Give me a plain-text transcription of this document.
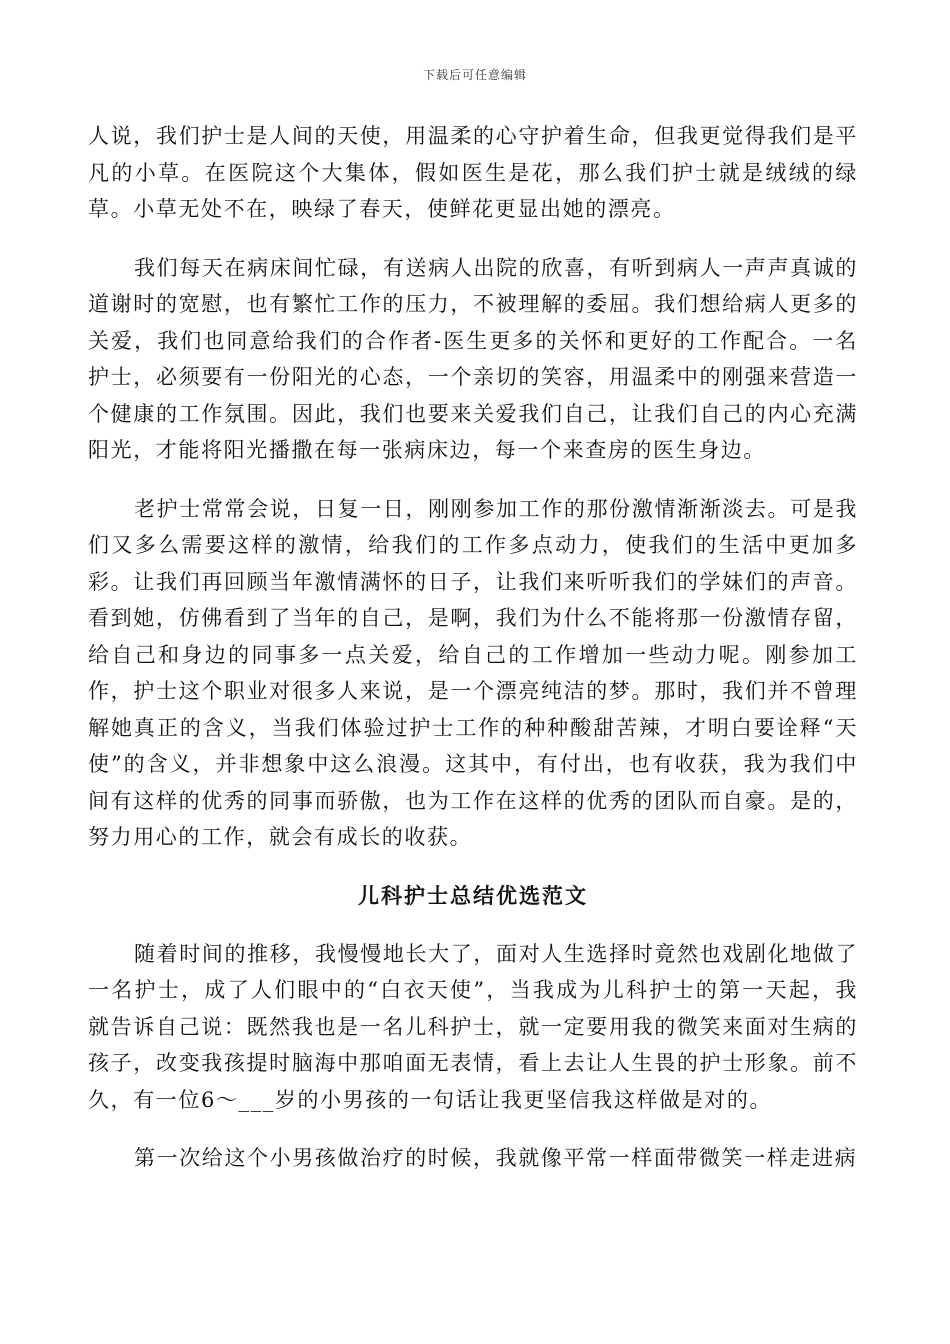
下载后可任意编辑

人说，我们护士是人间的天使，用温柔的心守护着生命，但我更觉得我们是平凡的小草。在医院这个大集体，假如医生是花，那么我们护士就是绒绒的绿草。小草无处不在，映绿了春天，使鲜花更显出她的漂亮。

我们每天在病床间忙碌，有送病人出院的欣喜，有听到病人一声声真诚的道谢时的宽慰，也有繁忙工作的压力，不被理解的委屈。我们想给病人更多的关爱，我们也同意给我们的合作者-医生更多的关怀和更好的工作配合。一名护士，必须要有一份阳光的心态，一个亲切的笑容，用温柔中的刚强来营造一个健康的工作氛围。因此，我们也要来关爱我们自己，让我们自己的内心充满阳光，才能将阳光播撒在每一张病床边，每一个来查房的医生身边。

老护士常常会说，日复一日，刚刚参加工作的那份激情渐渐淡去。可是我们又多么需要这样的激情，给我们的工作多点动力，使我们的生活中更加多彩。让我们再回顾当年激情满怀的日子，让我们来听听我们的学妹们的声音。看到她，仿佛看到了当年的自己，是啊，我们为什么不能将那一份激情存留，给自己和身边的同事多一点关爱，给自己的工作增加一些动力呢。刚参加工作，护士这个职业对很多人来说，是一个漂亮纯洁的梦。那时，我们并不曾理解她真正的含义，当我们体验过护士工作的种种酸甜苦辣，才明白要诠释“天使”的含义，并非想象中这么浪漫。这其中，有付出，也有收获，我为我们中间有这样的优秀的同事而骄傲，也为工作在这样的优秀的团队而自豪。是的，努力用心的工作，就会有成长的收获。

儿科护士总结优选范文

随着时间的推移，我慢慢地长大了，面对人生选择时竟然也戏剧化地做了一名护士，成了人们眼中的“白衣天使”，当我成为儿科护士的第一天起，我就告诉自己说：既然我也是一名儿科护士，就一定要用我的微笑来面对生病的孩子，改变我孩提时脑海中那咱面无表情，看上去让人生畏的护士形象。前不久，有一位6～___岁的小男孩的一句话让我更坚信我这样做是对的。

第一次给这个小男孩做治疗的时候，我就像平常一样面带微笑一样走进病
